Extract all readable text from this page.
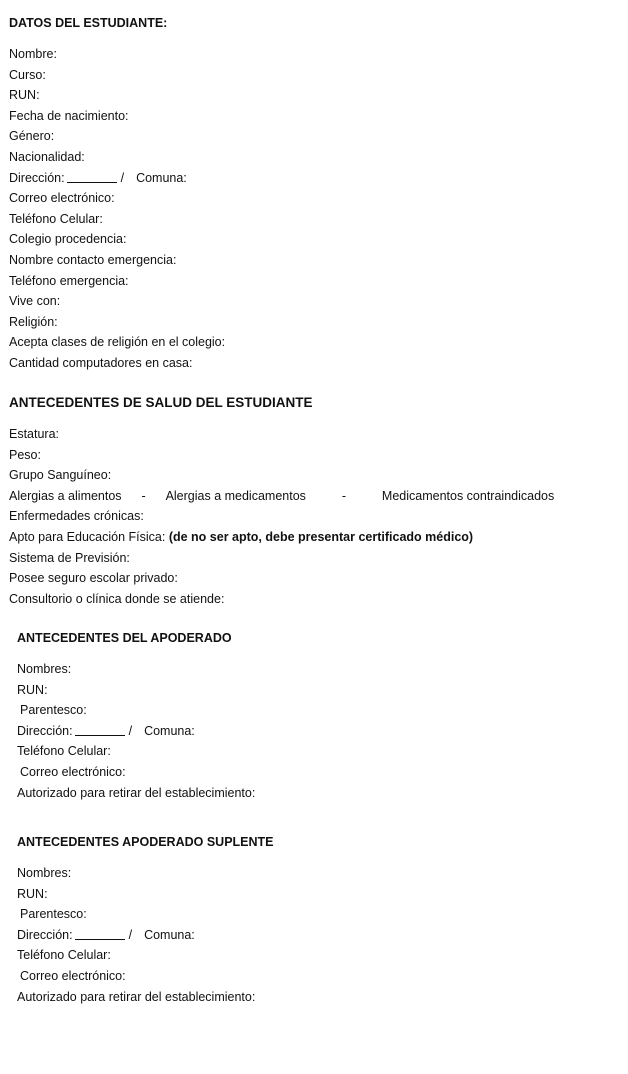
DATOS DEL ESTUDIANTE:
Nombre:
Curso:
RUN:
Fecha de nacimiento:
Género:
Nacionalidad:
Dirección:	/ Comuna:
Correo electrónico:
Teléfono Celular:
Colegio procedencia:
Nombre contacto emergencia:
Teléfono emergencia:
Vive con:
Religión:
Acepta clases de religión en el colegio:
Cantidad computadores en casa:
ANTECEDENTES DE SALUD DEL ESTUDIANTE
Estatura:
Peso:
Grupo Sanguíneo:
Alergias a alimentos - Alergias a medicamentos	-	Medicamentos contraindicados
Enfermedades crónicas:
Apto para Educación Física: (de no ser apto, debe presentar certificado médico)
Sistema de Previsión:
Posee seguro escolar privado:
Consultorio o clínica donde se atiende:
ANTECEDENTES DEL APODERADO
Nombres:
RUN:
Parentesco:
Dirección:	/ Comuna:
Teléfono Celular:
Correo electrónico:
Autorizado para retirar del establecimiento:
ANTECEDENTES APODERADO SUPLENTE
Nombres:
RUN:
Parentesco:
Dirección:	/ Comuna:
Teléfono Celular:
Correo electrónico:
Autorizado para retirar del establecimiento:
